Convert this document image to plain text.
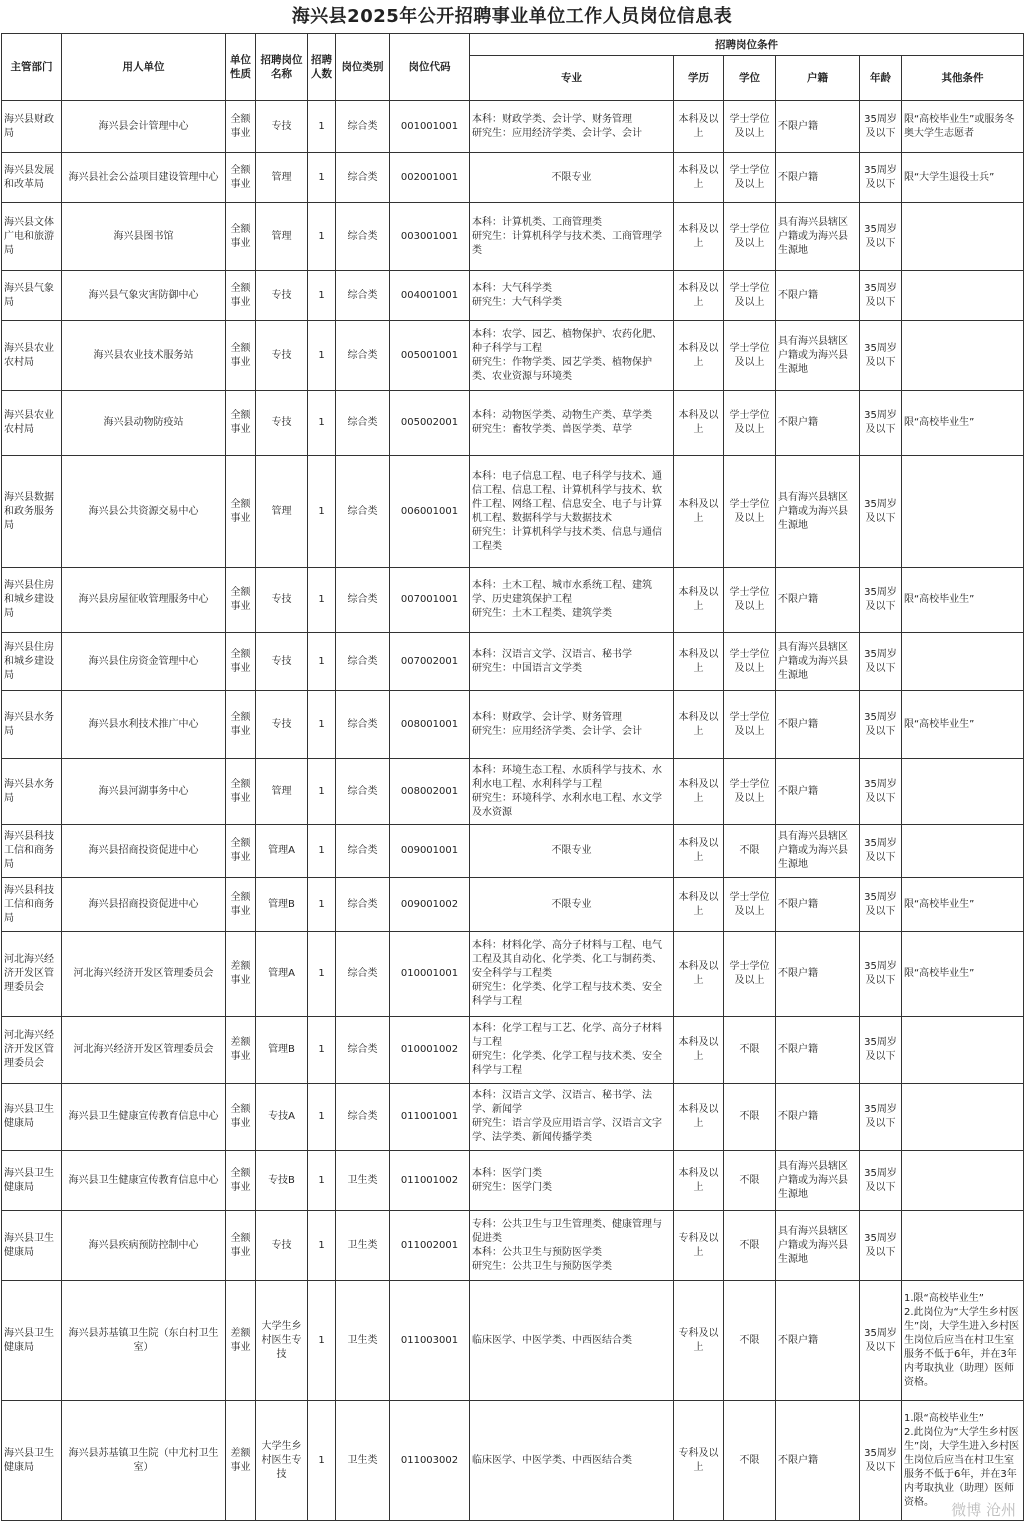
海兴县2025年公开招聘事业单位工作人员岗位信息表
主管部门	用人单位	单位性质	招聘岗位名称	招聘人数	岗位类别	岗位代码	招聘岗位条件					
							专业	学历	学位	户籍	年龄	其他条件
海兴县财政局	海兴县会计管理中心	全额事业	专技	1	综合类	001001001	本科：财政学类、会计学、财务管理
研究生：应用经济学类、会计学、会计	本科及以上	学士学位及以上	不限户籍	35周岁及以下	限“高校毕业生”或服务冬奥大学生志愿者
海兴县发展和改革局	海兴县社会公益项目建设管理中心	全额事业	管理	1	综合类	002001001	不限专业	本科及以上	学士学位及以上	不限户籍	35周岁及以下	限“大学生退役士兵”
海兴县文体广电和旅游局	海兴县图书馆	全额事业	管理	1	综合类	003001001	本科：计算机类、工商管理类
研究生：计算机科学与技术类、工商管理学类	本科及以上	学士学位及以上	具有海兴县辖区户籍或为海兴县生源地	35周岁及以下	
海兴县气象局	海兴县气象灾害防御中心	全额事业	专技	1	综合类	004001001	本科：大气科学类
研究生：大气科学类	本科及以上	学士学位及以上	不限户籍	35周岁及以下	
海兴县农业农村局	海兴县农业技术服务站	全额事业	专技	1	综合类	005001001	本科：农学、园艺、植物保护、农药化肥、种子科学与工程
研究生：作物学类、园艺学类、植物保护类、农业资源与环境类	本科及以上	学士学位及以上	具有海兴县辖区户籍或为海兴县生源地	35周岁及以下	
海兴县农业农村局	海兴县动物防疫站	全额事业	专技	1	综合类	005002001	本科：动物医学类、动物生产类、草学类
研究生：畜牧学类、兽医学类、草学	本科及以上	学士学位及以上	不限户籍	35周岁及以下	限“高校毕业生”
海兴县数据和政务服务局	海兴县公共资源交易中心	全额事业	管理	1	综合类	006001001	本科：电子信息工程、电子科学与技术、通信工程、信息工程、计算机科学与技术、软件工程、网络工程、信息安全、电子与计算机工程、数据科学与大数据技术
研究生：计算机科学与技术类、信息与通信工程类	本科及以上	学士学位及以上	具有海兴县辖区户籍或为海兴县生源地	35周岁及以下	
海兴县住房和城乡建设局	海兴县房屋征收管理服务中心	全额事业	专技	1	综合类	007001001	本科：土木工程、城市水系统工程、建筑学、历史建筑保护工程
研究生：土木工程类、建筑学类	本科及以上	学士学位及以上	不限户籍	35周岁及以下	限“高校毕业生”
海兴县住房和城乡建设局	海兴县住房资金管理中心	全额事业	专技	1	综合类	007002001	本科：汉语言文学、汉语言、秘书学
研究生：中国语言文学类	本科及以上	学士学位及以上	具有海兴县辖区户籍或为海兴县生源地	35周岁及以下	
海兴县水务局	海兴县水利技术推广中心	全额事业	专技	1	综合类	008001001	本科：财政学、会计学、财务管理
研究生：应用经济学类、会计学、会计	本科及以上	学士学位及以上	不限户籍	35周岁及以下	限“高校毕业生”
海兴县水务局	海兴县河湖事务中心	全额事业	管理	1	综合类	008002001	本科：环境生态工程、水质科学与技术、水利水电工程、水利科学与工程
研究生：环境科学、水利水电工程、水文学及水资源	本科及以上	学士学位及以上	不限户籍	35周岁及以下	
海兴县科技工信和商务局	海兴县招商投资促进中心	全额事业	管理A	1	综合类	009001001	不限专业	本科及以上	不限	具有海兴县辖区户籍或为海兴县生源地	35周岁及以下	
海兴县科技工信和商务局	海兴县招商投资促进中心	全额事业	管理B	1	综合类	009001002	不限专业	本科及以上	学士学位及以上	不限户籍	35周岁及以下	限“高校毕业生”
河北海兴经济开发区管理委员会	河北海兴经济开发区管理委员会	差额事业	管理A	1	综合类	010001001	本科：材料化学、高分子材料与工程、电气工程及其自动化、化学类、化工与制药类、安全科学与工程类
研究生：化学类、化学工程与技术类、安全科学与工程	本科及以上	学士学位及以上	不限户籍	35周岁及以下	限“高校毕业生”
河北海兴经济开发区管理委员会	河北海兴经济开发区管理委员会	差额事业	管理B	1	综合类	010001002	本科：化学工程与工艺、化学、高分子材料与工程
研究生：化学类、化学工程与技术类、安全科学与工程	本科及以上	不限	不限户籍	35周岁及以下	
海兴县卫生健康局	海兴县卫生健康宣传教育信息中心	全额事业	专技A	1	综合类	011001001	本科：汉语言文学、汉语言、秘书学、法学、新闻学
研究生：语言学及应用语言学、汉语言文字学、法学类、新闻传播学类	本科及以上	不限	不限户籍	35周岁及以下	
海兴县卫生健康局	海兴县卫生健康宣传教育信息中心	全额事业	专技B	1	卫生类	011001002	本科：医学门类
研究生：医学门类	本科及以上	不限	具有海兴县辖区户籍或为海兴县生源地	35周岁及以下	
海兴县卫生健康局	海兴县疾病预防控制中心	全额事业	专技	1	卫生类	011002001	专科：公共卫生与卫生管理类、健康管理与促进类
本科：公共卫生与预防医学类
研究生：公共卫生与预防医学类	专科及以上	不限	具有海兴县辖区户籍或为海兴县生源地	35周岁及以下	
海兴县卫生健康局	海兴县苏基镇卫生院（东白村卫生室）	差额事业	大学生乡村医生专技	1	卫生类	011003001	临床医学、中医学类、中西医结合类	专科及以上	不限	不限户籍	35周岁及以下	1.限“高校毕业生”
2.此岗位为“大学生乡村医生”岗，大学生进入乡村医生岗位后应当在村卫生室服务不低于6年，并在3年内考取执业（助理）医师资格。
海兴县卫生健康局	海兴县苏基镇卫生院（中尤村卫生室）	差额事业	大学生乡村医生专技	1	卫生类	011003002	临床医学、中医学类、中西医结合类	专科及以上	不限	不限户籍	35周岁及以下	1.限“高校毕业生”
2.此岗位为“大学生乡村医生”岗，大学生进入乡村医生岗位后应当在村卫生室服务不低于6年，并在3年内考取执业（助理）医师资格。 微博 沧州
